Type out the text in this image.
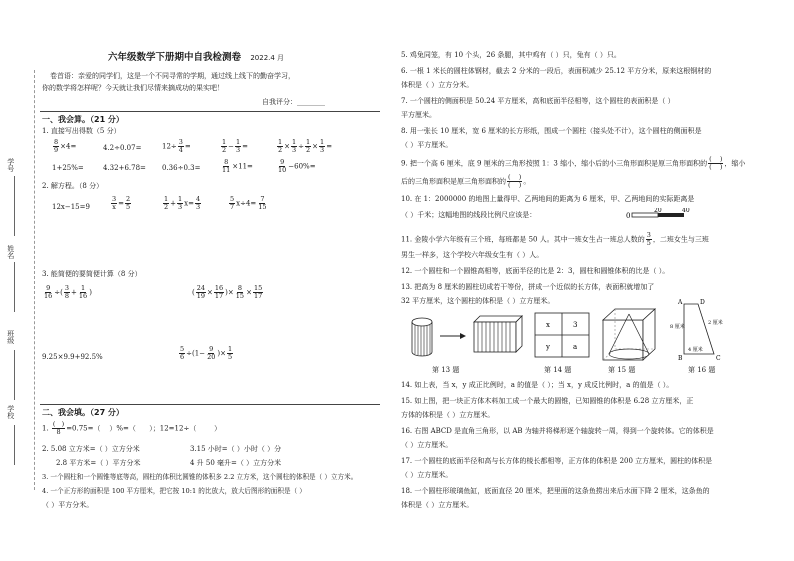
学号
姓名
班级
学校
六年级数学下册期中自我检测卷 2022.4 月
卷首语：亲爱的同学们，这是一个不同寻常的学期，通过线上线下的勤奋学习，
你的数学将怎样呢？今天就让我们尽情来摘成功的果实吧！
自我评分：________
一、我会算。（21 分）
1. 直接写出得数（5 分）
$\frac{8}{9} \times 4=$	4.2÷0.07=	$12\div \frac{3}{4}$ =	$\frac{1}{2} - \frac{1}{3}$ =	$\frac{1}{2} \times \frac{1}{3} \div \frac{1}{2} \times \frac{1}{3}$ =
1+25%=	4.32+6.78= 0.36÷0.3=	$\frac{8}{11} \times 11=$	$\frac{9}{10} -60\%=$
2. 解方程。（8 分）
12x−15=9	$\frac{3}{x} = \frac{2}{5}$	$\frac{1}{2} + \frac{1}{3} x= \frac{4}{3}$	$\frac{5}{7} x\div 4= \frac{7}{15}$
3. 能简便的要简便计算（8 分）
$\frac{9}{16}$ ÷( $\frac{3}{8} + \frac{1}{16}$ )	( $\frac{24}{19} \times \frac{16}{17}$ )× $\frac{8}{15} \times \frac{15}{17}$
9.25×9.9+92.5%	$\frac{5}{6} \div(1- \frac{9}{20}$ )× $\frac{1}{5}$
二、我会填。（27 分）
1. $\frac{( )}{8} =0.75=$（    ）%=（      ）；12=12÷（        ）
2. 5.08 立方米=（ ）立方分米	3.15 小时=（ ）小时（ ）分
2.8 平方米=（ ）平方分米	4 升 50 毫升=（ ）立方分米
3. 一个圆柱和一个圆锥等底等高，圆柱的体积比圆锥的体积多 2.2 立方米，这个圆柱的体积是（ ）立方米。
4. 一个正方形的面积是 100 平方厘米，把它按 10:1 的比放大，放大后图形的面积是（ ）
（ ）平方分米。
5. 鸡兔同笼，有 10 个头，26 条腿，其中鸡有（ ）只，兔有（ ）只。
6. 一根 1 米长的圆柱体钢材，截去 2 分米的一段后，表面积减少 25.12 平方分米，原来这根钢材的
体积是（ ）立方分米。
7. 一个圆柱的侧面积是 50.24 平方厘米，高和底面半径相等，这个圆柱的表面积是（ ）
平方厘米。
8. 用一张长 10 厘米，宽 6 厘米的长方形纸，围成一个圆柱（接头处不计），这个圆柱的侧面积是
（ ）平方厘米。
9. 把一个高 6 厘米，底 9 厘米的三角形按照 1：3 缩小，缩小后的小三角形面积是原三角形面积的 $\frac{( )}{( )}$ ，缩小
后的三角形面积是原三角形面积的 $\frac{( )}{( )}$ 。
10. 在 1：2000000 的地图上量得甲、乙两地间的距离为 6 厘米，甲、乙两地间的实际距离是
（ ）千米；这幅地图的线段比例尺应该是：	0
20	40
11. 金陵小学六年级有三个班，每班都是 50 人。其中一班女生占一班总人数的 $\frac{3}{5}$ ，二班女生与三班
男生一样多，这个学校六年级女生有（ ）人。
12. 一个圆柱和一个圆锥高相等，底面半径的比是 2：3，圆柱和圆锥体积的比是（ ）。
13. 把高为 8 厘米的圆柱切成若干等份，拼成一个近似的长方体，表面积就增加了
32 平方厘米，这个圆柱的体积是（ ）立方厘米。
x	3
y	a
A
B	C
D
8 厘米
2 厘米
4 厘米
第 13 题	第 14 题	第 15 题	第 16 题
14. 如上表，当 x，y 成正比例时，a 的值是（ ）；当 x，y 成反比例时，a 的值是（ ）。
15. 如上图，把一块正方体木料加工成一个最大的圆锥，已知圆锥的体积是 6.28 立方厘米，正
方体的体积是（ ）立方厘米。
16. 右图 ABCD 是直角三角形，以 AB 为轴并将梯形逐个轴旋转一周，得到一个旋转体。它的体积是
（ ）立方厘米。
17. 一个圆柱的底面半径和高与长方体的棱长都相等，正方体的体积是 200 立方厘米，圆柱的体积是
（ ）立方厘米。
18. 一个圆柱形玻璃鱼缸，底面直径 20 厘米，把里面的这条鱼捞出来后水面下降 2 厘米，这条鱼的
体积是（ ）立方厘米。
